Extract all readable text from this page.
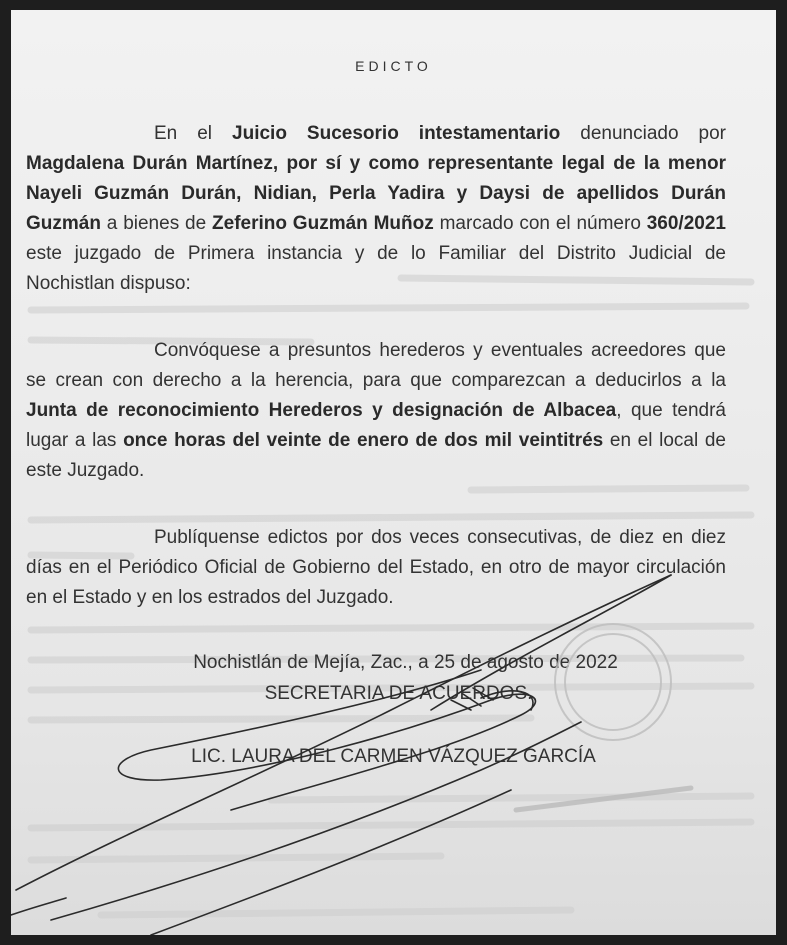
EDICTO

En el Juicio Sucesorio intestamentario denunciado por Magdalena Durán Martínez, por sí y como representante legal de la menor Nayeli Guzmán Durán, Nidian, Perla Yadira y Daysi de apellidos Durán Guzmán a bienes de Zeferino Guzmán Muñoz marcado con el número 360/2021 este juzgado de Primera instancia y de lo Familiar del Distrito Judicial de Nochistlan dispuso:

Convóquese a presuntos herederos y eventuales acreedores que se crean con derecho a la herencia, para que comparezcan a deducirlos a la Junta de reconocimiento Herederos y designación de Albacea, que tendrá lugar a las once horas del veinte de enero de dos mil veintitrés en el local de este Juzgado.

Publíquense edictos por dos veces consecutivas, de diez en diez días en el Periódico Oficial de Gobierno del Estado, en otro de mayor circulación en el Estado y en los estrados del Juzgado.

Nochistlán de Mejía, Zac., a 25 de agosto de 2022
SECRETARIA DE ACUERDOS.
LIC. LAURA DEL CARMEN VÁZQUEZ GARCÍA
